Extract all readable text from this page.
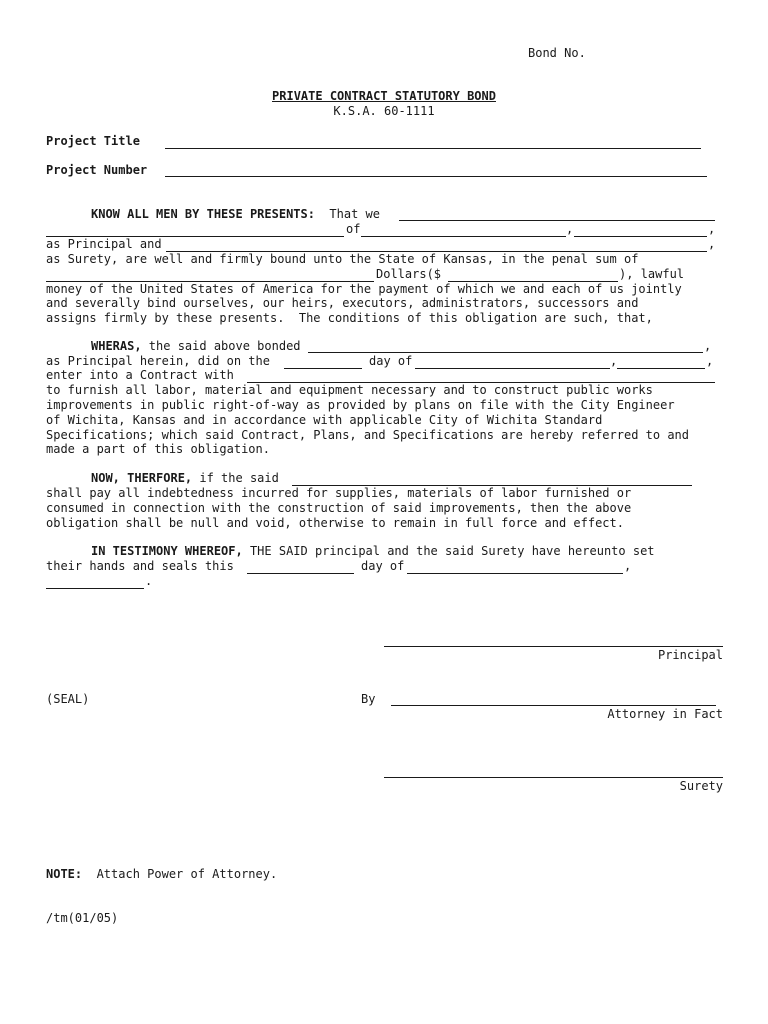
Bond No.
PRIVATE CONTRACT STATUTORY BOND
K.S.A. 60-1111
Project Title
Project Number
KNOW ALL MEN BY THESE PRESENTS: That we
of	,	,
as Principal and	,
as Surety, are well and firmly bound unto the State of Kansas, in the penal sum of
Dollars($	), lawful
money of the United States of America for the payment of which we and each of us jointly
and severally bind ourselves, our heirs, executors, administrators, successors and
assigns firmly by these presents.  The conditions of this obligation are such, that,
WHERAS, the said above bonded	,
as Principal herein, did on the	day of	,	,
enter into a Contract with
to furnish all labor, material and equipment necessary and to construct public works
improvements in public right-of-way as provided by plans on file with the City Engineer
of Wichita, Kansas and in accordance with applicable City of Wichita Standard
Specifications; which said Contract, Plans, and Specifications are hereby referred to and
made a part of this obligation.
NOW, THERFORE, if the said
shall pay all indebtedness incurred for supplies, materials of labor furnished or
consumed in connection with the construction of said improvements, then the above
obligation shall be null and void, otherwise to remain in full force and effect.
IN TESTIMONY WHEREOF, THE SAID principal and the said Surety have hereunto set
their hands and seals this	day of	,
.
Principal
(SEAL)	By
Attorney in Fact
Surety
NOTE:  Attach Power of Attorney.
/tm(01/05)
